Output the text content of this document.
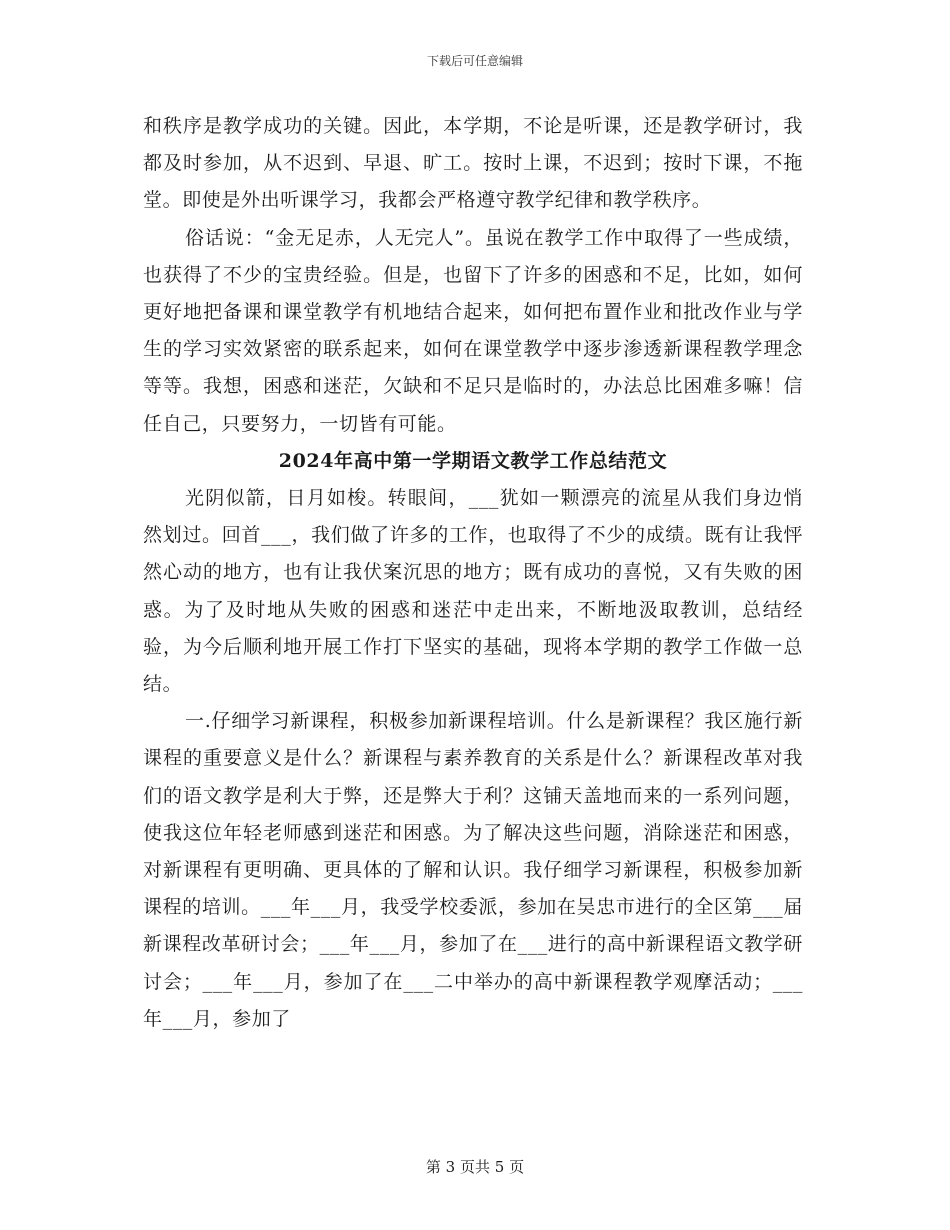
下载后可任意编辑

和秩序是教学成功的关键。因此，本学期，不论是听课，还是教学研讨，我都及时参加，从不迟到、早退、旷工。按时上课，不迟到；按时下课，不拖堂。即使是外出听课学习，我都会严格遵守教学纪律和教学秩序。

俗话说：“金无足赤，人无完人”。虽说在教学工作中取得了一些成绩，也获得了不少的宝贵经验。但是，也留下了许多的困惑和不足，比如，如何更好地把备课和课堂教学有机地结合起来，如何把布置作业和批改作业与学生的学习实效紧密的联系起来，如何在课堂教学中逐步渗透新课程教学理念等等。我想，困惑和迷茫，欠缺和不足只是临时的，办法总比困难多嘛！信任自己，只要努力，一切皆有可能。

2024年高中第一学期语文教学工作总结范文

光阴似箭，日月如梭。转眼间，___犹如一颗漂亮的流星从我们身边悄然划过。回首___，我们做了许多的工作，也取得了不少的成绩。既有让我怦然心动的地方，也有让我伏案沉思的地方；既有成功的喜悦，又有失败的困惑。为了及时地从失败的困惑和迷茫中走出来，不断地汲取教训，总结经验，为今后顺利地开展工作打下坚实的基础，现将本学期的教学工作做一总结。

一.仔细学习新课程，积极参加新课程培训。什么是新课程？我区施行新课程的重要意义是什么？新课程与素养教育的关系是什么？新课程改革对我们的语文教学是利大于弊，还是弊大于利？这铺天盖地而来的一系列问题，使我这位年轻老师感到迷茫和困惑。为了解决这些问题，消除迷茫和困惑，对新课程有更明确、更具体的了解和认识。我仔细学习新课程，积极参加新课程的培训。___年___月，我受学校委派，参加在吴忠市进行的全区第___届新课程改革研讨会；___年___月，参加了在___进行的高中新课程语文教学研讨会；___年___月，参加了在___二中举办的高中新课程教学观摩活动；___年___月，参加了

第 3 页共 5 页
